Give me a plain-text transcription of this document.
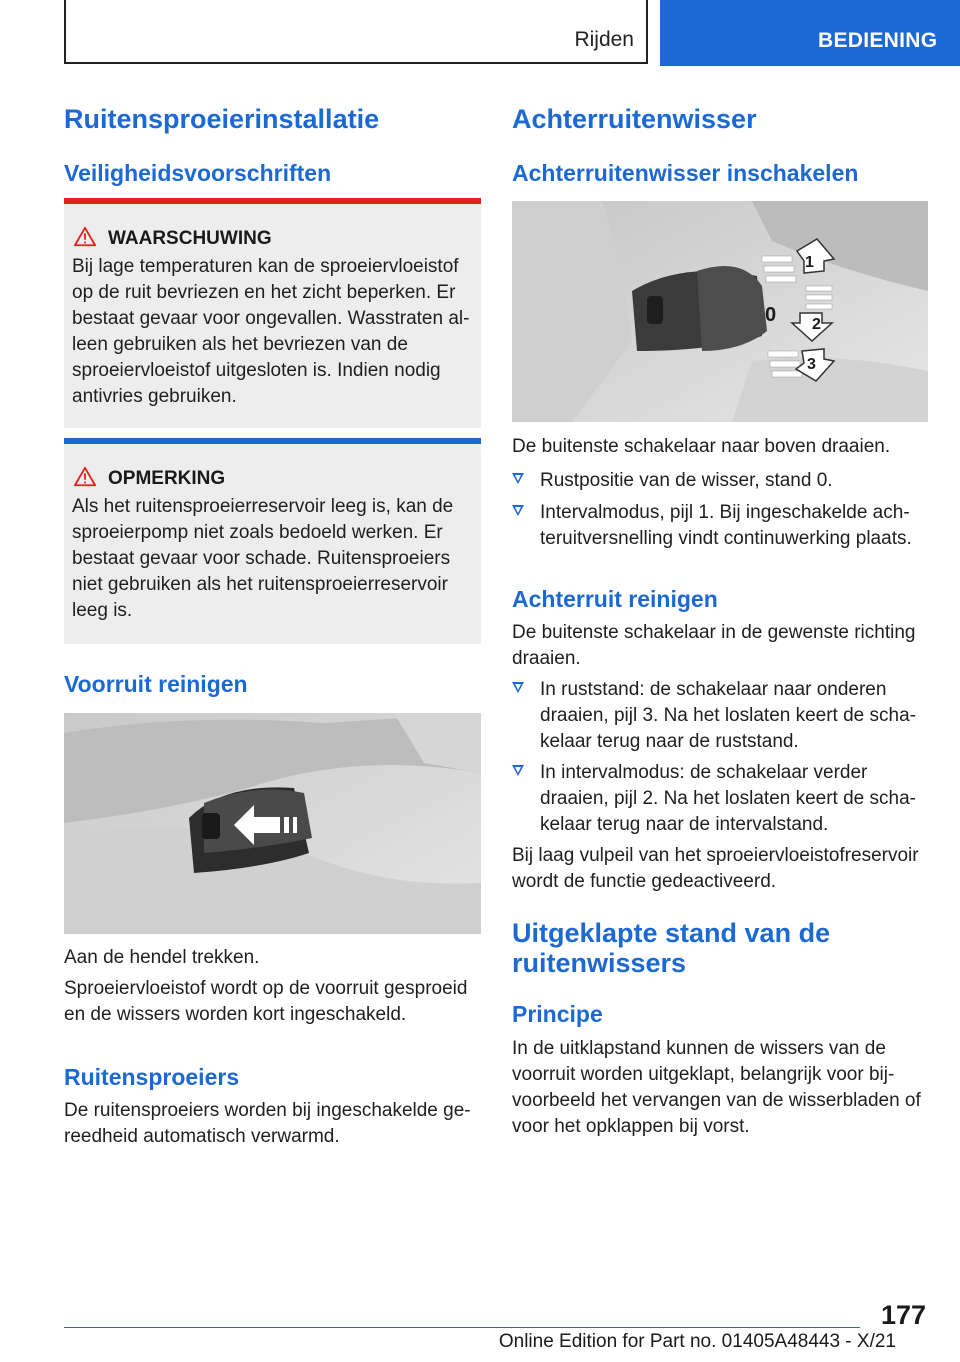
Rijden	BEDIENING
Ruitensproeierinstallatie
Veiligheidsvoorschriften
WAARSCHUWING
Bij lage temperaturen kan de sproeiervloeistof op de ruit bevriezen en het zicht beperken. Er bestaat gevaar voor ongevallen. Wasstraten alleen gebruiken als het bevriezen van de sproeiervloeistof uitgesloten is. Indien nodig antivries gebruiken.
OPMERKING
Als het ruitensproeierreservoir leeg is, kan de sproeierpomp niet zoals bedoeld werken. Er bestaat gevaar voor schade. Ruitensproeiers niet gebruiken als het ruitensproeierreservoir leeg is.
Voorruit reinigen

Aan de hendel trekken.

Sproeiervloeistof wordt op de voorruit gesproeid en de wissers worden kort ingeschakeld.

Ruitensproeiers

De ruitensproeiers worden bij ingeschakelde gereedheid automatisch verwarmd.

Achterruitenwisser
Achterruitenwisser inschakelen
1
2
3
0

De buitenste schakelaar naar boven draaien.

Rustpositie van de wisser, stand 0.
Intervalmodus, pijl 1. Bij ingeschakelde achteruitversnelling vindt continuwerking plaats.
Achterruit reinigen

De buitenste schakelaar in de gewenste richting draaien.

In ruststand: de schakelaar naar onderen draaien, pijl 3. Na het loslaten keert de schakelaar terug naar de ruststand.
In intervalmodus: de schakelaar verder draaien, pijl 2. Na het loslaten keert de schakelaar terug naar de intervalstand.

Bij laag vulpeil van het sproeiervloeistofreservoir wordt de functie gedeactiveerd.

Uitgeklapte stand van de ruitenwissers
Principe

In de uitklapstand kunnen de wissers van de voorruit worden uitgeklapt, belangrijk voor bijvoorbeeld het vervangen van de wisserbladen of voor het opklappen bij vorst.

177
Online Edition for Part no. 01405A48443 - X/21
